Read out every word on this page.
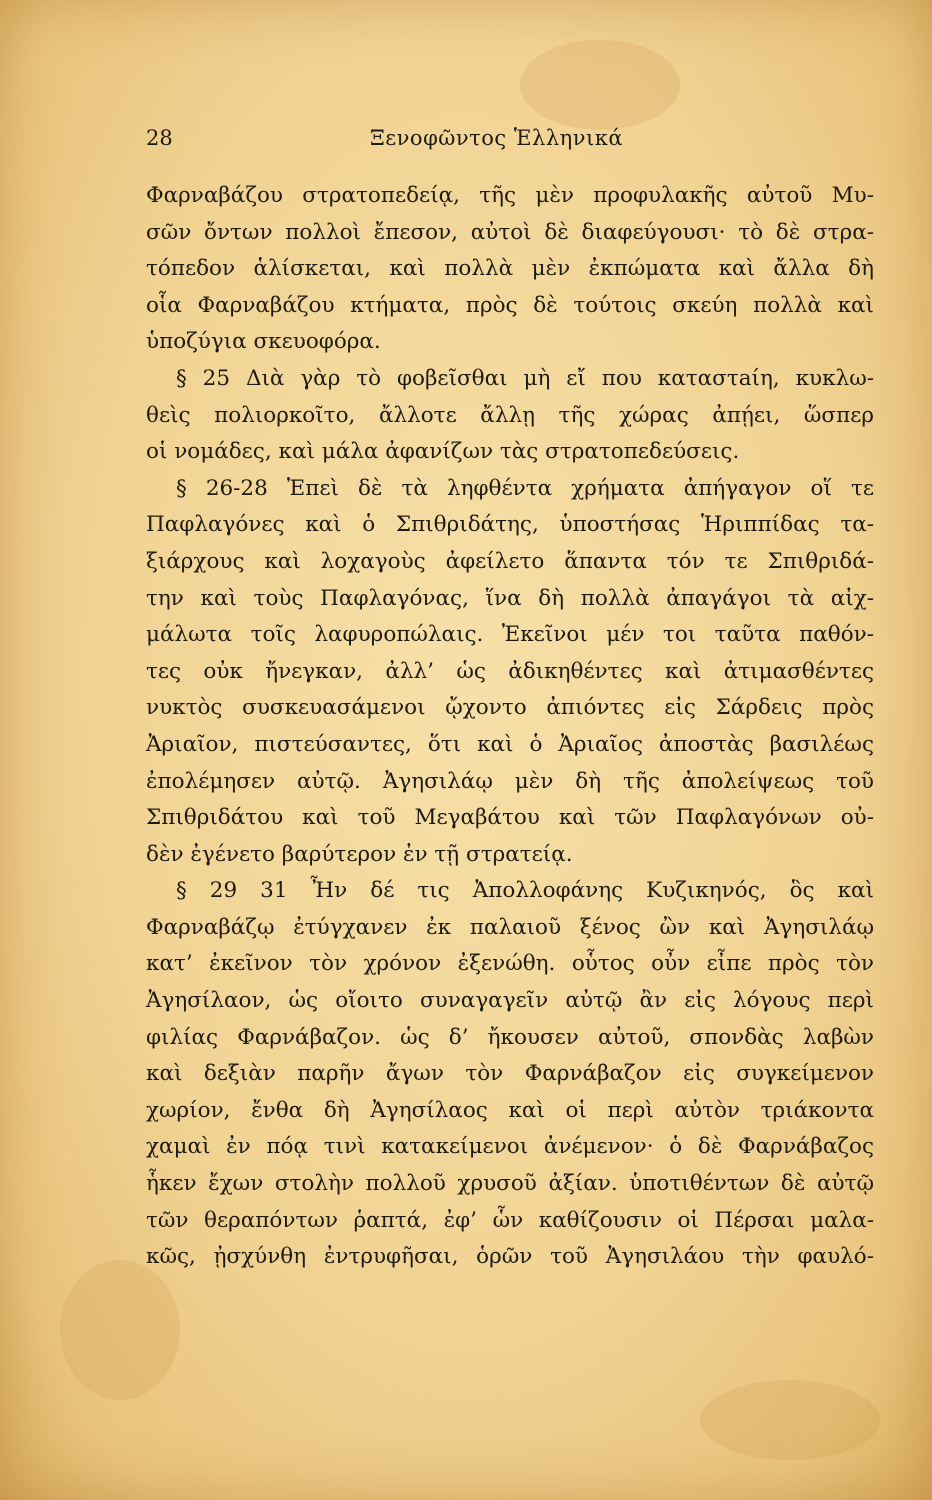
28	Ξενοφῶντος Ἑλληνικά
Φαρναβάζου στρατοπεδείᾳ, τῆς μὲν προφυλακῆς αὐτοῦ Μυ-
σῶν ὄντων πολλοὶ ἔπεσον, αὐτοὶ δὲ διαφεύγουσι· τὸ δὲ στρα-
τόπεδον ἁλίσκεται, καὶ πολλὰ μὲν ἐκπώματα καὶ ἄλλα δὴ
οἷα Φαρναβάζου κτήματα, πρὸς δὲ τούτοις σκεύη πολλὰ καὶ
ὑποζύγια σκευοφόρα.
§ 25 Διὰ γὰρ τὸ φοβεῖσθαι μὴ εἴ που καταστaίη, κυκλω-
θεὶς πολιορκοῖτο, ἄλλοτε ἄλλῃ τῆς χώρας ἀπῄει, ὥσπερ
οἱ νομάδες, καὶ μάλα ἀφανίζων τὰς στρατοπεδεύσεις.
§ 26-28 Ἐπεὶ δὲ τὰ ληφθέντα χρήματα ἀπήγαγον οἵ τε
Παφλαγόνες καὶ ὁ Σπιθριδάτης, ὑποστήσας Ἡριππίδας τα-
ξιάρχους καὶ λοχαγοὺς ἀφείλετο ἅπαντα τόν τε Σπιθριδά-
την καὶ τοὺς Παφλαγόνας, ἵνα δὴ πολλὰ ἀπαγάγοι τὰ αἰχ-
μάλωτα τοῖς λαφυροπώλαις. Ἐκεῖνοι μέν τοι ταῦτα παθόν-
τες οὐκ ἤνεγκαν, ἀλλ’ ὡς ἀδικηθέντες καὶ ἀτιμασθέντες
νυκτὸς συσκευασάμενοι ᾤχοντο ἀπιόντες εἰς Σάρδεις πρὸς
Ἀριαῖον, πιστεύσαντες, ὅτι καὶ ὁ Ἀριαῖος ἀποστὰς βασιλέως
ἐπολέμησεν αὐτῷ. Ἀγησιλάῳ μὲν δὴ τῆς ἀπολείψεως τοῦ
Σπιθριδάτου καὶ τοῦ Μεγαβάτου καὶ τῶν Παφλαγόνων οὐ-
δὲν ἐγένετο βαρύτερον ἐν τῇ στρατείᾳ.
§ 29 31 Ἦν δέ τις Ἀπολλοφάνης Κυζικηνός, ὃς καὶ
Φαρναβάζῳ ἐτύγχανεν ἐκ παλαιοῦ ξένος ὢν καὶ Ἀγησιλάῳ
κατ’ ἐκεῖνον τὸν χρόνον ἐξενώθη. οὗτος οὖν εἶπε πρὸς τὸν
Ἀγησίλαον, ὡς οἴοιτο συναγαγεῖν αὐτῷ ἂν εἰς λόγους περὶ
φιλίας Φαρνάβαζον. ὡς δ’ ἤκουσεν αὐτοῦ, σπονδὰς λαβὼν
καὶ δεξιὰν παρῆν ἄγων τὸν Φαρνάβαζον εἰς συγκείμενον
χωρίον, ἔνθα δὴ Ἀγησίλαος καὶ οἱ περὶ αὐτὸν τριάκοντα
χαμαὶ ἐν πόᾳ τινὶ κατακείμενοι ἀνέμενον· ὁ δὲ Φαρνάβαζος
ἧκεν ἔχων στολὴν πολλοῦ χρυσοῦ ἀξίαν. ὑποτιθέντων δὲ αὐτῷ
τῶν θεραπόντων ῥαπτά, ἐφ’ ὧν καθίζουσιν οἱ Πέρσαι μαλα-
κῶς, ᾐσχύνθη ἐντρυφῆσαι, ὁρῶν τοῦ Ἀγησιλάου τὴν φαυλό-
